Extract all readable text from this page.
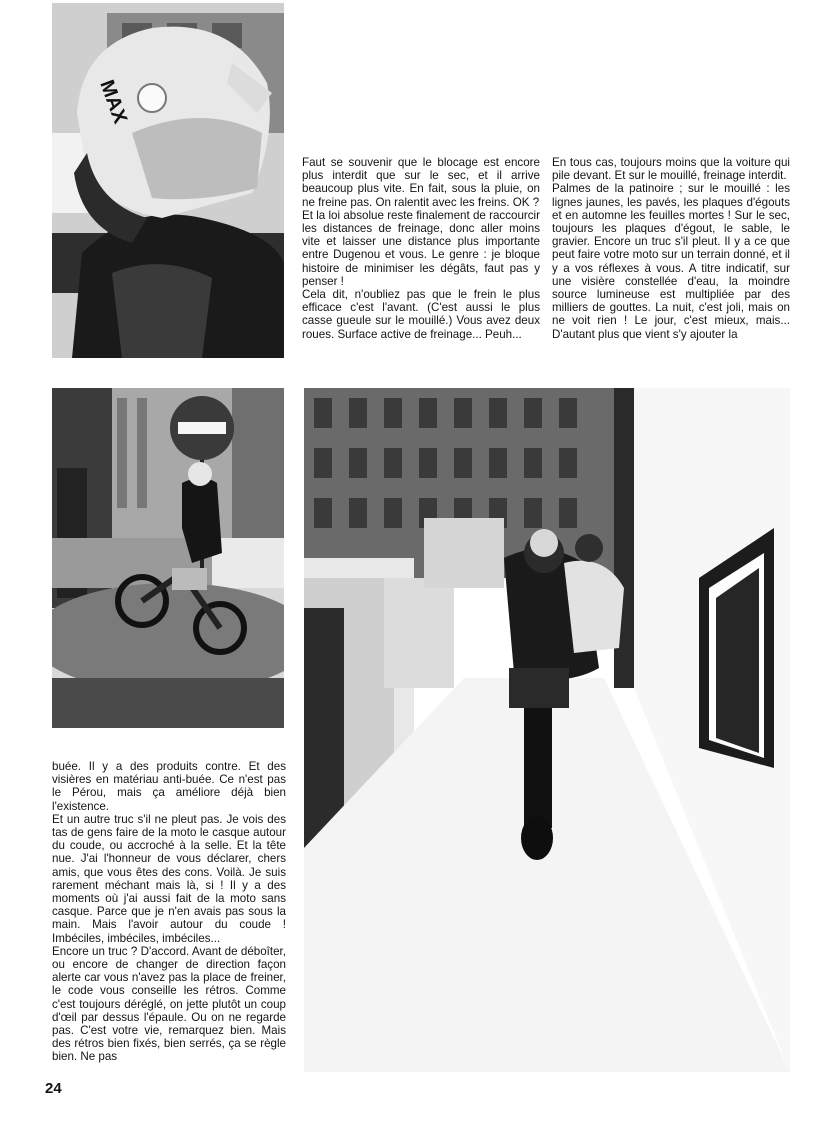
MAX

Faut se souvenir que le blocage est encore plus interdit que sur le sec, et il arrive beaucoup plus vite. En fait, sous la pluie, on ne freine pas. On ralentit avec les freins. OK ?

Et la loi absolue reste finalement de raccourcir les distances de freinage, donc aller moins vite et laisser une distance plus importante entre Dugenou et vous. Le genre : je bloque histoire de minimiser les dégâts, faut pas y penser !

Cela dit, n'oubliez pas que le frein le plus efficace c'est l'avant. (C'est aussi le plus casse gueule sur le mouillé.) Vous avez deux roues. Surface active de freinage... Peuh...

En tous cas, toujours moins que la voiture qui pile devant. Et sur le mouillé, freinage interdit.

Palmes de la patinoire ; sur le mouillé : les lignes jaunes, les pavés, les plaques d'égouts et en automne les feuilles mortes ! Sur le sec, toujours les plaques d'égout, le sable, le gravier. Encore un truc s'il pleut. Il y a ce que peut faire votre moto sur un terrain donné, et il y a vos réflexes à vous. A titre indicatif, sur une visière constellée d'eau, la moindre source lumineuse est multipliée par des milliers de gouttes. La nuit, c'est joli, mais on ne voit rien ! Le jour, c'est mieux, mais... D'autant plus que vient s'y ajouter la

buée. Il y a des produits contre. Et des visières en matériau anti-buée. Ce n'est pas le Pérou, mais ça améliore déjà bien l'existence.

Et un autre truc s'il ne pleut pas. Je vois des tas de gens faire de la moto le casque autour du coude, ou accroché à la selle. Et la tête nue. J'ai l'honneur de vous déclarer, chers amis, que vous êtes des cons. Voilà. Je suis rarement méchant mais là, si ! Il y a des moments où j'ai aussi fait de la moto sans casque. Parce que je n'en avais pas sous la main. Mais l'avoir autour du coude ! Imbéciles, imbéciles, imbéciles...

Encore un truc ? D'accord. Avant de déboîter, ou encore de changer de direction façon alerte car vous n'avez pas la place de freiner, le code vous conseille les rétros. Comme c'est toujours déréglé, on jette plutôt un coup d'œil par dessus l'épaule. Ou on ne regarde pas. C'est votre vie, remarquez bien. Mais des rétros bien fixés, bien serrés, ça se règle bien. Ne pas

24
